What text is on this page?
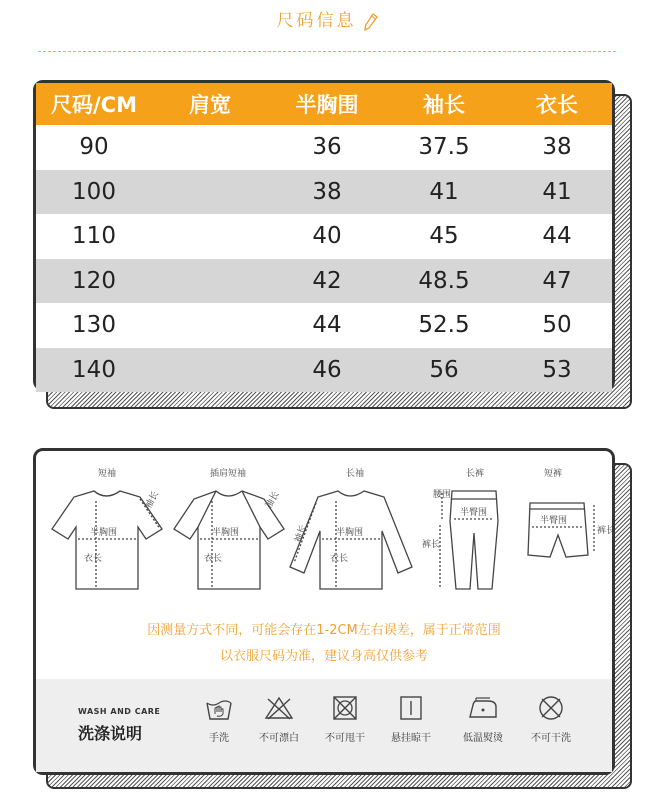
尺码信息
尺码/CM	肩宽	半胸围	袖长	衣长
90		36	37.5	38
100		38	41	41
110		40	45	44
120		42	48.5	47
130		44	52.5	50
140		46	56	53
短袖
袖长
半胸围
衣长
插肩短袖
袖长
半胸围
衣长
长袖
袖长	半胸围
衣长
长裤
腰围
半臀围
裤长
短裤
半臀围
裤长
因测量方式不同，可能会存在1-2CM左右误差，属于正常范围
以衣服尺码为准，建议身高仅供参考
WASH AND CARE
洗涤说明	手洗	不可漂白	不可甩干	悬挂晾干	低温熨烫	不可干洗
